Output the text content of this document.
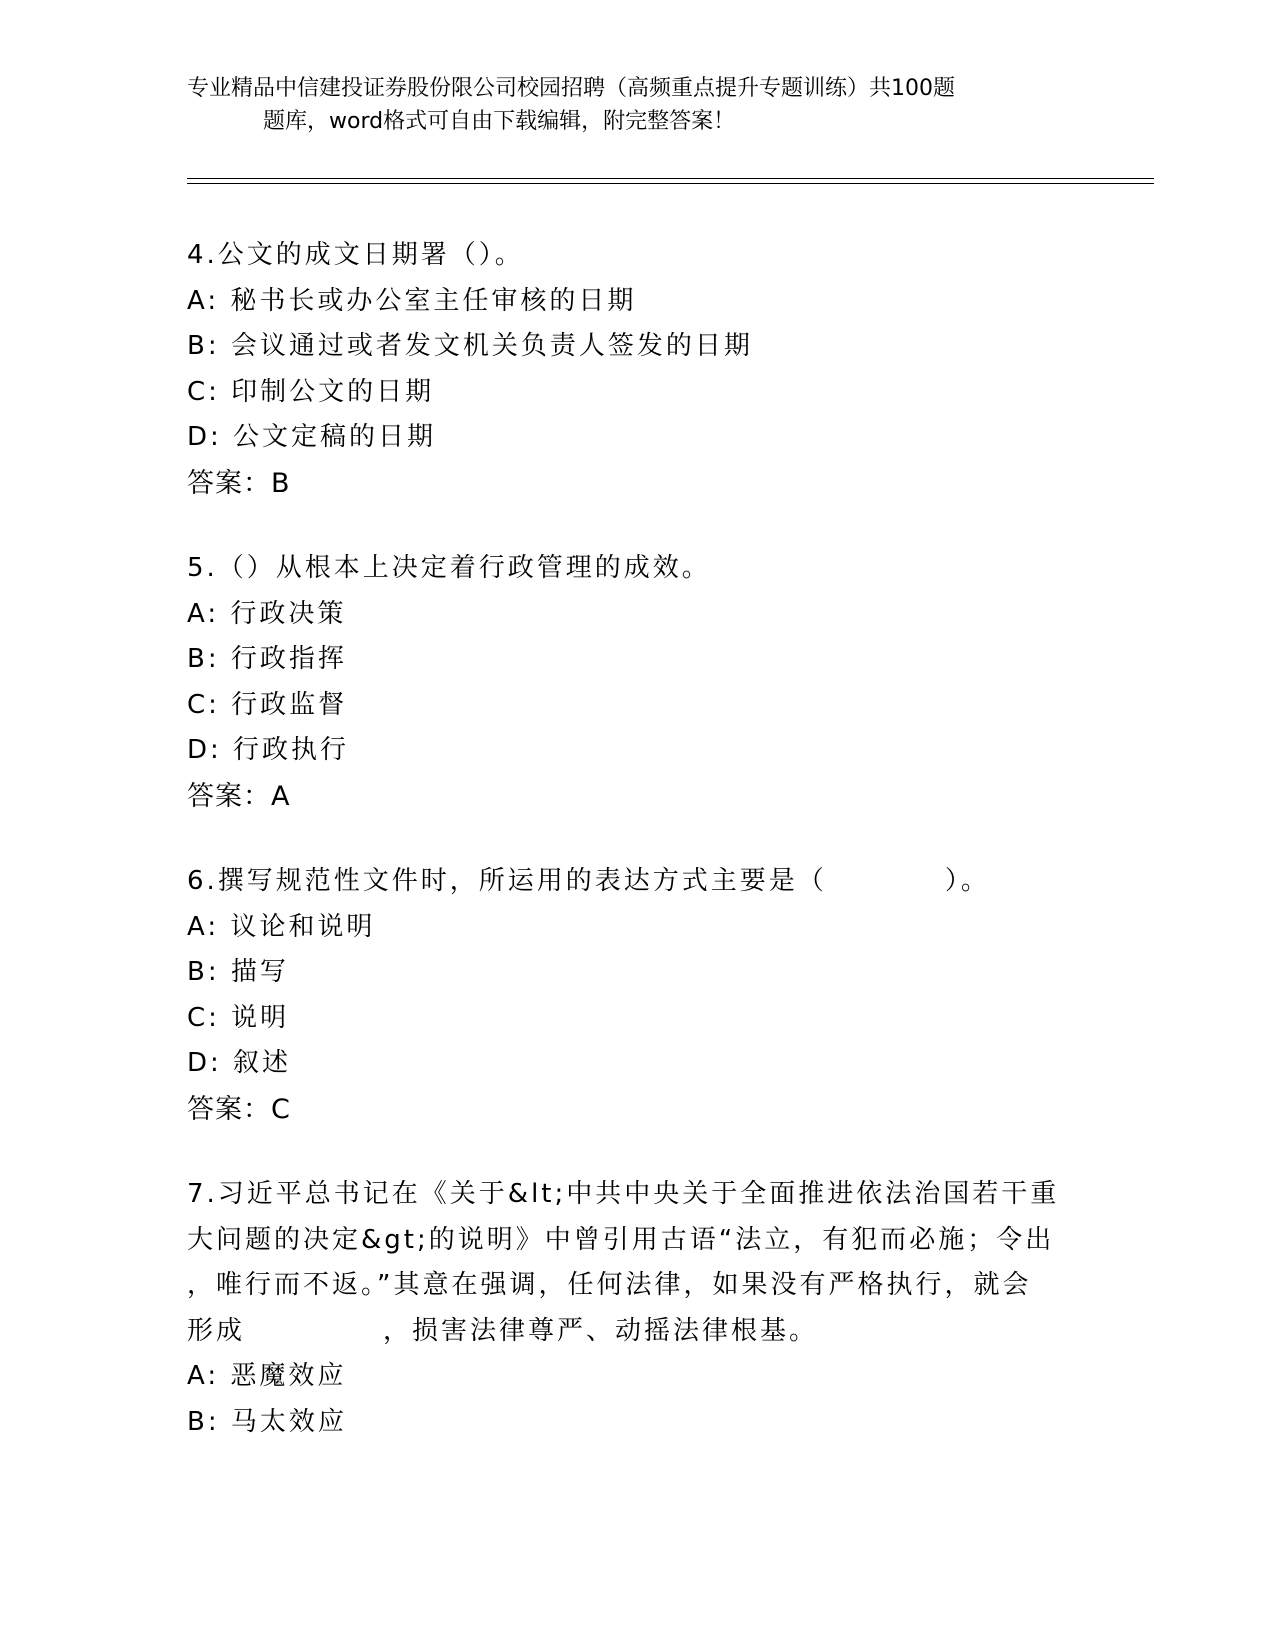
专业精品中信建投证券股份限公司校园招聘（高频重点提升专题训练）共100题
题库，word格式可自由下载编辑，附完整答案！
4.公文的成文日期署（）。
A: 秘书长或办公室主任审核的日期
B: 会议通过或者发文机关负责人签发的日期
C: 印制公文的日期
D: 公文定稿的日期
答案：B
5.（）从根本上决定着行政管理的成效。
A: 行政决策
B: 行政指挥
C: 行政监督
D: 行政执行
答案：A
6.撰写规范性文件时，所运用的表达方式主要是（	）。
A: 议论和说明
B: 描写
C: 说明
D: 叙述
答案：C
7.习近平总书记在《关于&lt;中共中央关于全面推进依法治国若干重
大问题的决定&gt;的说明》中曾引用古语“法立，有犯而必施；令出
，唯行而不返。”其意在强调，任何法律，如果没有严格执行，就会
形成	，损害法律尊严、动摇法律根基。
A: 恶魔效应
B: 马太效应
